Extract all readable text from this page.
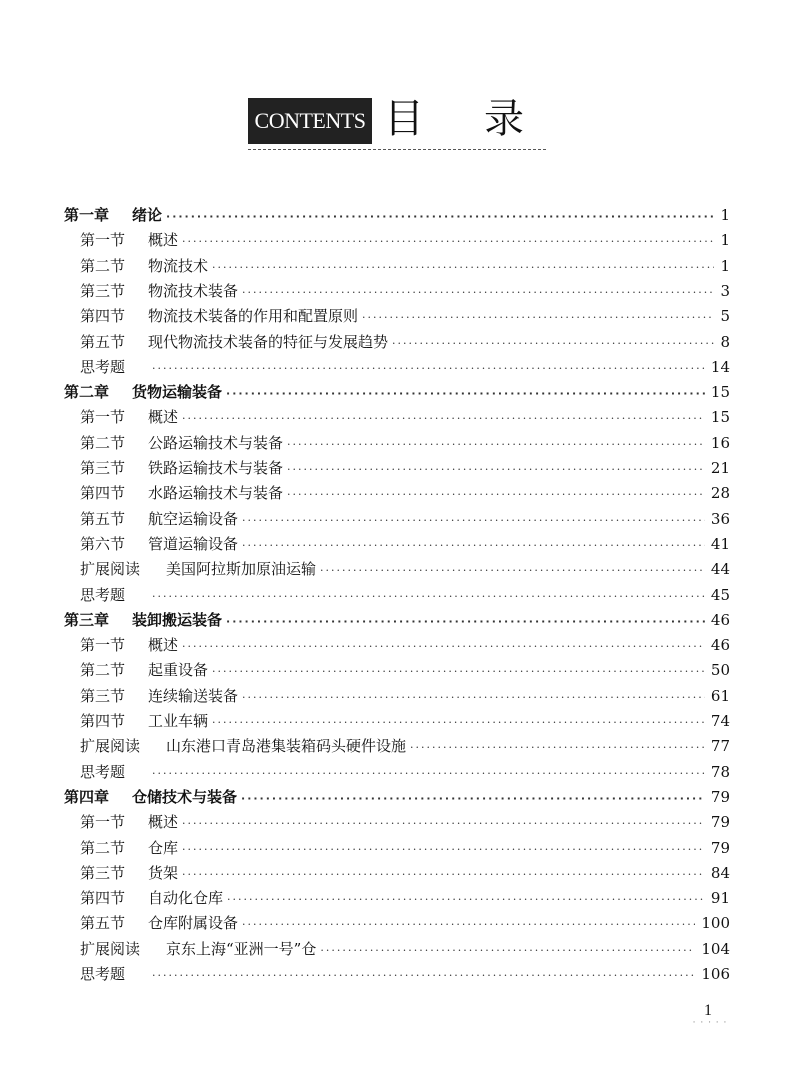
CONTENTS 目录
第一章 绪论 ·····	1
第一节 概述 ·····	1
第二节 物流技术 ·····	1
第三节 物流技术装备 ·····	3
第四节 物流技术装备的作用和配置原则 ·····	5
第五节 现代物流技术装备的特征与发展趋势 ·····	8
思考题 ·····	14
第二章 货物运输装备 ·····	15
第一节 概述 ·····	15
第二节 公路运输技术与装备 ·····	16
第三节 铁路运输技术与装备 ·····	21
第四节 水路运输技术与装备 ·····	28
第五节 航空运输设备 ·····	36
第六节 管道运输设备 ·····	41
扩展阅读 美国阿拉斯加原油运输 ·····	44
思考题 ·····	45
第三章 装卸搬运装备 ·····	46
第一节 概述 ·····	46
第二节 起重设备 ·····	50
第三节 连续输送装备 ·····	61
第四节 工业车辆 ·····	74
扩展阅读 山东港口青岛港集装箱码头硬件设施 ·····	77
思考题 ·····	78
第四章 仓储技术与装备 ·····	79
第一节 概述 ·····	79
第二节 仓库 ·····	79
第三节 货架 ·····	84
第四节 自动化仓库 ·····	91
第五节 仓库附属设备 ·····	100
扩展阅读 京东上海“亚洲一号”仓 ·····	104
思考题 ·····	106
1
· · · · ·
